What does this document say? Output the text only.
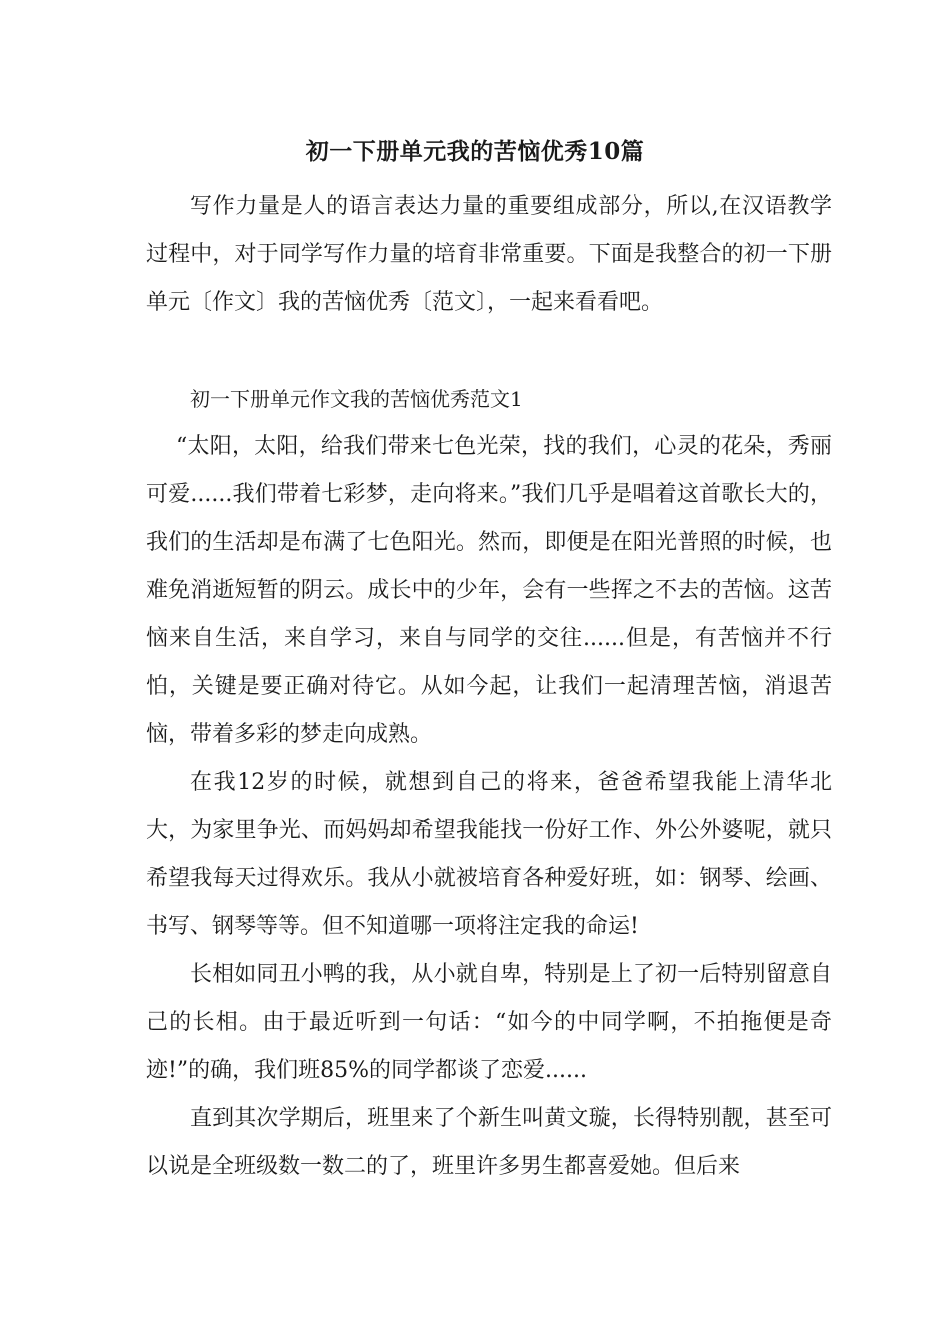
初一下册单元我的苦恼优秀10篇

写作力量是人的语言表达力量的重要组成部分，所以,在汉语教学过程中，对于同学写作力量的培育非常重要。下面是我整合的初一下册单元〔作文〕我的苦恼优秀〔范文〕，一起来看看吧。

初一下册单元作文我的苦恼优秀范文1

“太阳，太阳，给我们带来七色光荣，找的我们，心灵的花朵，秀丽可爱......我们带着七彩梦，走向将来。”我们几乎是唱着这首歌长大的，我们的生活却是布满了七色阳光。然而，即便是在阳光普照的时候，也难免消逝短暂的阴云。成长中的少年，会有一些挥之不去的苦恼。这苦恼来自生活，来自学习，来自与同学的交往......但是，有苦恼并不行怕，关键是要正确对待它。从如今起，让我们一起清理苦恼，消退苦恼，带着多彩的梦走向成熟。

在我12岁的时候，就想到自己的将来，爸爸希望我能上清华北大，为家里争光、而妈妈却希望我能找一份好工作、外公外婆呢，就只希望我每天过得欢乐。我从小就被培育各种爱好班，如：钢琴、绘画、书写、钢琴等等。但不知道哪一项将注定我的命运!

长相如同丑小鸭的我，从小就自卑，特别是上了初一后特别留意自己的长相。由于最近听到一句话：“如今的中同学啊，不拍拖便是奇迹!”的确，我们班85%的同学都谈了恋爱......

直到其次学期后，班里来了个新生叫黄文璇，长得特别靓，甚至可以说是全班级数一数二的了，班里许多男生都喜爱她。但后来
